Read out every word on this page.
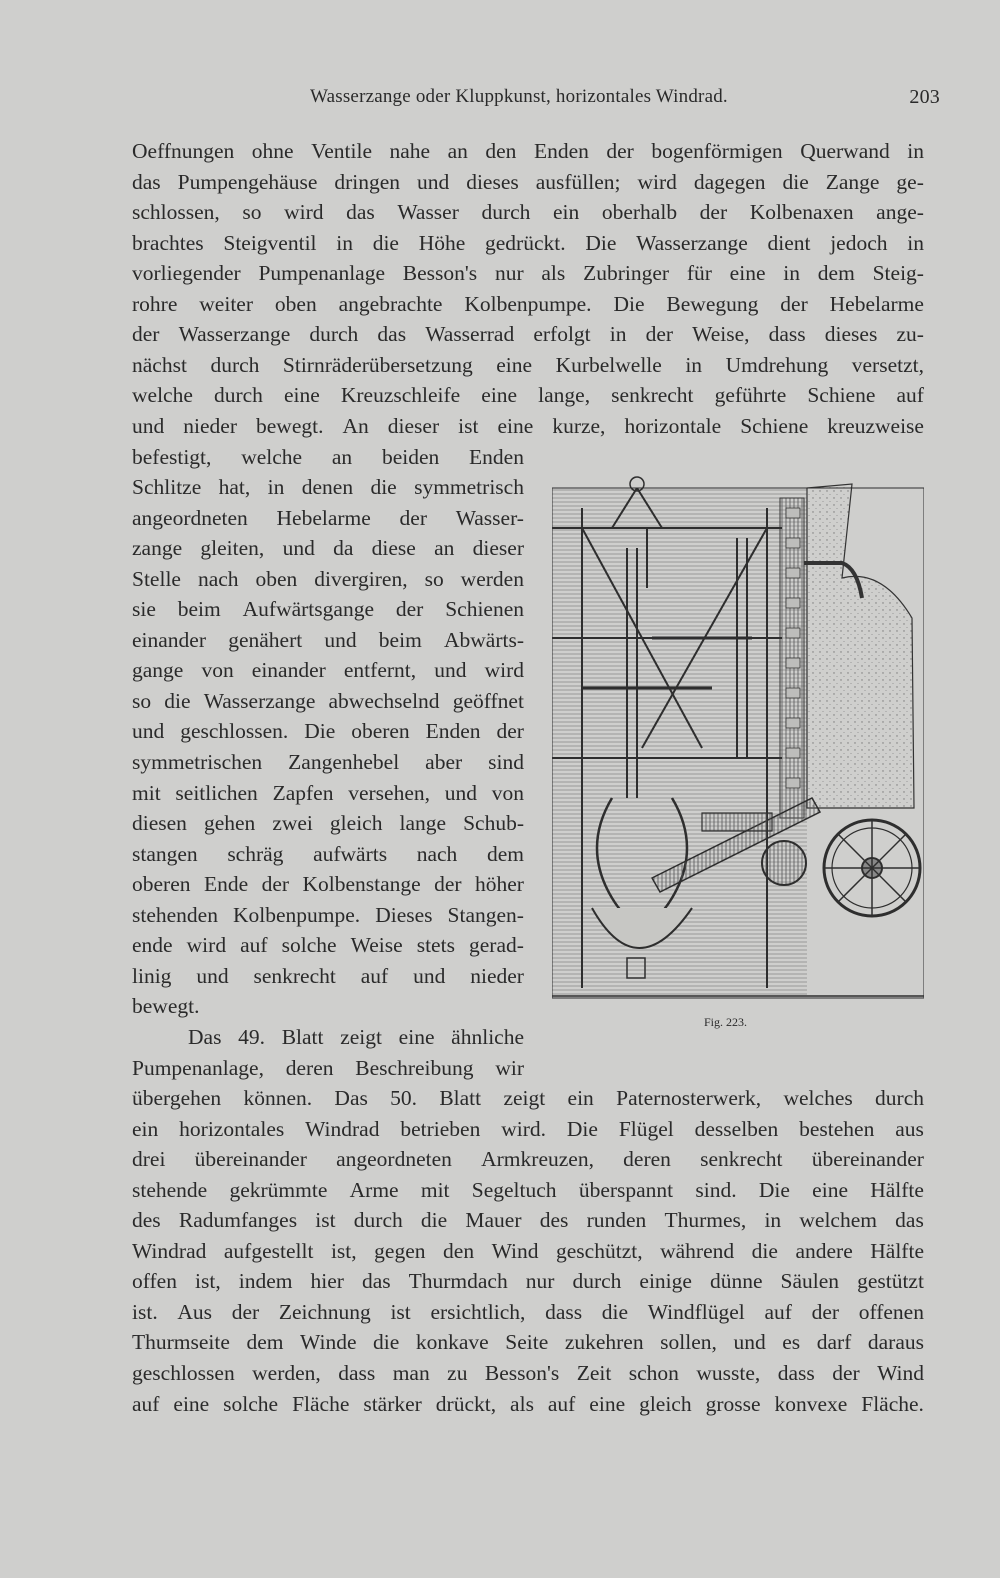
Wasserzange oder Kluppkunst, horizontales Windrad.	203
Oeffnungen ohne Ventile nahe an den Enden der bogenförmigen Querwand in
das Pumpengehäuse dringen und dieses ausfüllen; wird dagegen die Zange ge-
schlossen, so wird das Wasser durch ein oberhalb der Kolbenaxen ange-
brachtes Steigventil in die Höhe gedrückt. Die Wasserzange dient jedoch in
vorliegender Pumpenanlage Besson's nur als Zubringer für eine in dem Steig-
rohre weiter oben angebrachte Kolbenpumpe. Die Bewegung der Hebelarme
der Wasserzange durch das Wasserrad erfolgt in der Weise, dass dieses zu-
nächst durch Stirnräderübersetzung eine Kurbelwelle in Umdrehung versetzt,
welche durch eine Kreuzschleife eine lange, senkrecht geführte Schiene auf
und nieder bewegt. An dieser ist eine kurze, horizontale Schiene kreuzweise
befestigt, welche an beiden Enden
Schlitze hat, in denen die symmetrisch
angeordneten Hebelarme der Wasser-
zange gleiten, und da diese an dieser
Stelle nach oben divergiren, so werden
sie beim Aufwärtsgange der Schienen
einander genähert und beim Abwärts-
gange von einander entfernt, und wird
so die Wasserzange abwechselnd geöffnet
und geschlossen. Die oberen Enden der
symmetrischen Zangenhebel aber sind
mit seitlichen Zapfen versehen, und von
diesen gehen zwei gleich lange Schub-
stangen schräg aufwärts nach dem
oberen Ende der Kolbenstange der höher
stehenden Kolbenpumpe. Dieses Stangen-
ende wird auf solche Weise stets gerad-
linig und senkrecht auf und nieder
bewegt.
Das 49. Blatt zeigt eine ähnliche
Pumpenanlage, deren Beschreibung wir
übergehen können. Das 50. Blatt zeigt ein Paternosterwerk, welches durch
ein horizontales Windrad betrieben wird. Die Flügel desselben bestehen aus
drei übereinander angeordneten Armkreuzen, deren senkrecht übereinander
stehende gekrümmte Arme mit Segeltuch überspannt sind. Die eine Hälfte
des Radumfanges ist durch die Mauer des runden Thurmes, in welchem das
Windrad aufgestellt ist, gegen den Wind geschützt, während die andere Hälfte
offen ist, indem hier das Thurmdach nur durch einige dünne Säulen gestützt
ist. Aus der Zeichnung ist ersichtlich, dass die Windflügel auf der offenen
Thurmseite dem Winde die konkave Seite zukehren sollen, und es darf daraus
geschlossen werden, dass man zu Besson's Zeit schon wusste, dass der Wind
auf eine solche Fläche stärker drückt, als auf eine gleich grosse konvexe Fläche.
Fig. 223.
